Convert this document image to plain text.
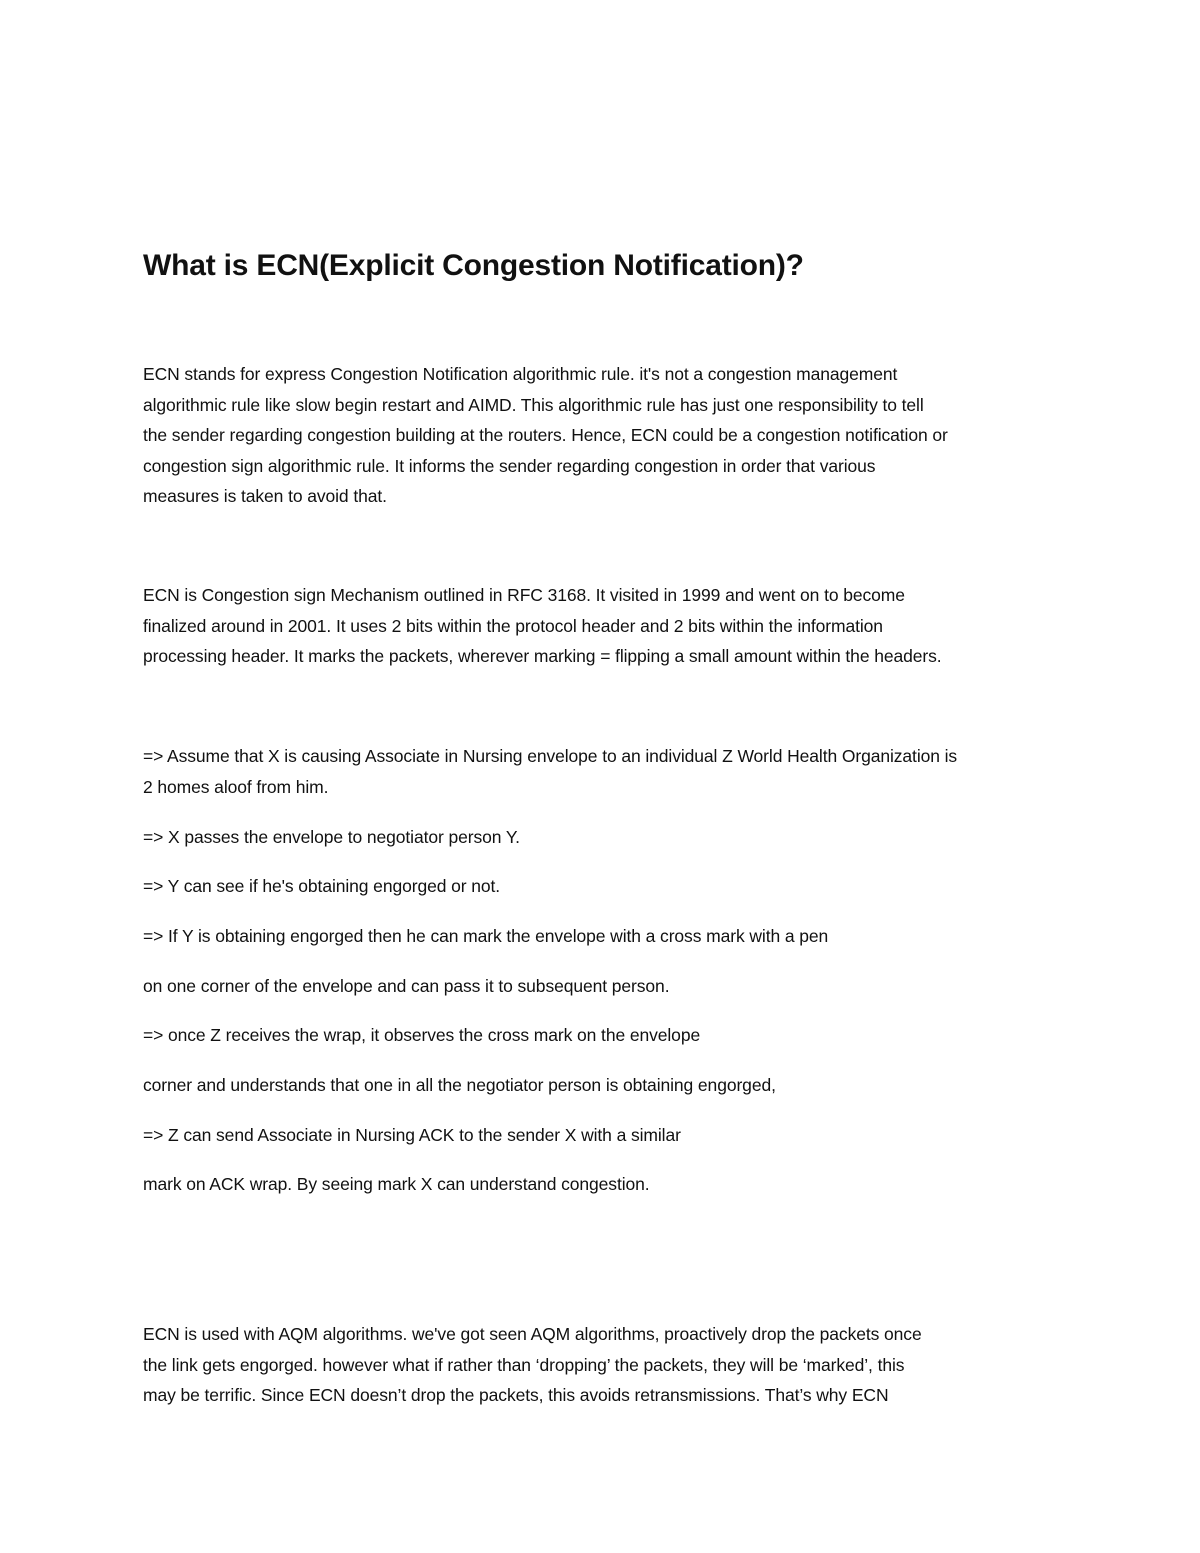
What is ECN(Explicit Congestion Notification)?
ECN stands for express Congestion Notification algorithmic rule. it's not a congestion management
algorithmic rule like slow begin restart and AIMD. This algorithmic rule has just one responsibility to tell
the sender regarding congestion building at the routers. Hence, ECN could be a congestion notification or
congestion sign algorithmic rule. It informs the sender regarding congestion in order that various
measures is taken to avoid that.
ECN is Congestion sign Mechanism outlined in RFC 3168. It visited in 1999 and went on to become
finalized around in 2001. It uses 2 bits within the protocol header and 2 bits within the information
processing header. It marks the packets, wherever marking = flipping a small amount within the headers.
=> Assume that X is causing Associate in Nursing envelope to an individual Z World Health Organization is
2 homes aloof from him.

=> X passes the envelope to negotiator person Y.

=> Y can see if he's obtaining engorged or not.

=> If Y is obtaining engorged then he can mark the envelope with a cross mark with a pen

on one corner of the envelope and can pass it to subsequent person.

=> once Z receives the wrap, it observes the cross mark on the envelope

corner and understands that one in all the negotiator person is obtaining engorged,

=> Z can send Associate in Nursing ACK to the sender X with a similar

mark on ACK wrap. By seeing mark X can understand congestion.

ECN is used with AQM algorithms. we've got seen AQM algorithms, proactively drop the packets once
the link gets engorged. however what if rather than ‘dropping’ the packets, they will be ‘marked’, this
may be terrific. Since ECN doesn’t drop the packets, this avoids retransmissions. That’s why ECN
